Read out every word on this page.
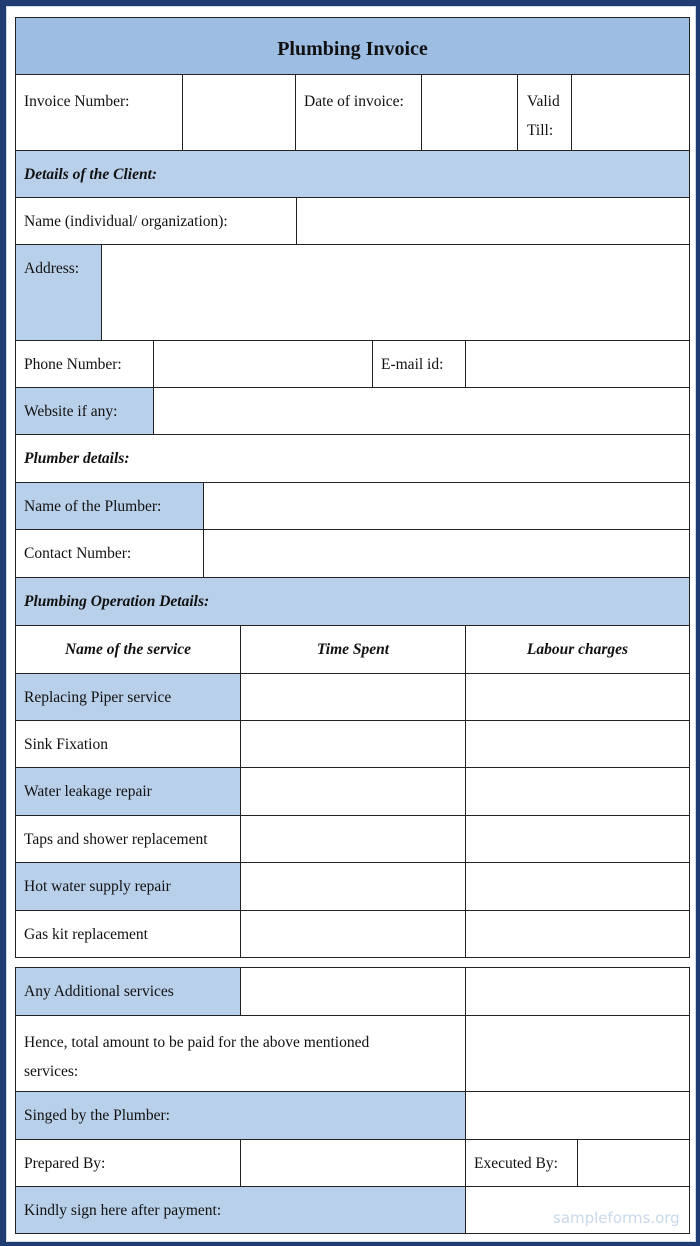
Plumbing Invoice
Invoice Number:	Date of invoice:	Valid
Till:
Details of the Client:
Name (individual/ organization):
Address:
Phone Number:	E-mail id:
Website if any:
Plumber details:
Name of the Plumber:
Contact Number:
Plumbing Operation Details:
Name of the service	Time Spent	Labour charges
Replacing Piper service
Sink Fixation
Water leakage repair
Taps and shower replacement
Hot water supply repair
Gas kit replacement
Any Additional services
Hence, total amount to be paid for the above mentioned
services:
Singed by the Plumber:
Prepared By:	Executed By:
Kindly sign here after payment:	sampleforms.org
